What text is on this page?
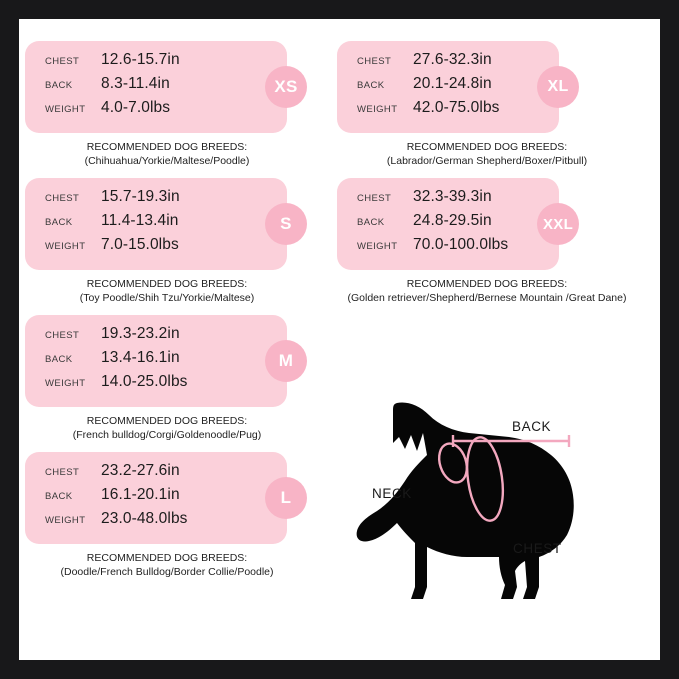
CHEST	12.6-15.7in
BACK	8.3-11.4in
WEIGHT	4.0-7.0lbs
XS
RECOMMENDED DOG BREEDS:
(Chihuahua/Yorkie/Maltese/Poodle)
CHEST	15.7-19.3in
BACK	11.4-13.4in
WEIGHT	7.0-15.0lbs
S
RECOMMENDED DOG BREEDS:
(Toy Poodle/Shih Tzu/Yorkie/Maltese)
CHEST	19.3-23.2in
BACK	13.4-16.1in
WEIGHT	14.0-25.0lbs
M
RECOMMENDED DOG BREEDS:
(French bulldog/Corgi/Goldenoodle/Pug)
CHEST	23.2-27.6in
BACK	16.1-20.1in
WEIGHT	23.0-48.0lbs
L
RECOMMENDED DOG BREEDS:
(Doodle/French Bulldog/Border Collie/Poodle)
CHEST	27.6-32.3in
BACK	20.1-24.8in
WEIGHT	42.0-75.0lbs
XL
RECOMMENDED DOG BREEDS:
(Labrador/German Shepherd/Boxer/Pitbull)
CHEST	32.3-39.3in
BACK	24.8-29.5in
WEIGHT	70.0-100.0lbs
XXL
RECOMMENDED DOG BREEDS:
(Golden retriever/Shepherd/Bernese Mountain /Great Dane)
BACK
NECK
CHEST
